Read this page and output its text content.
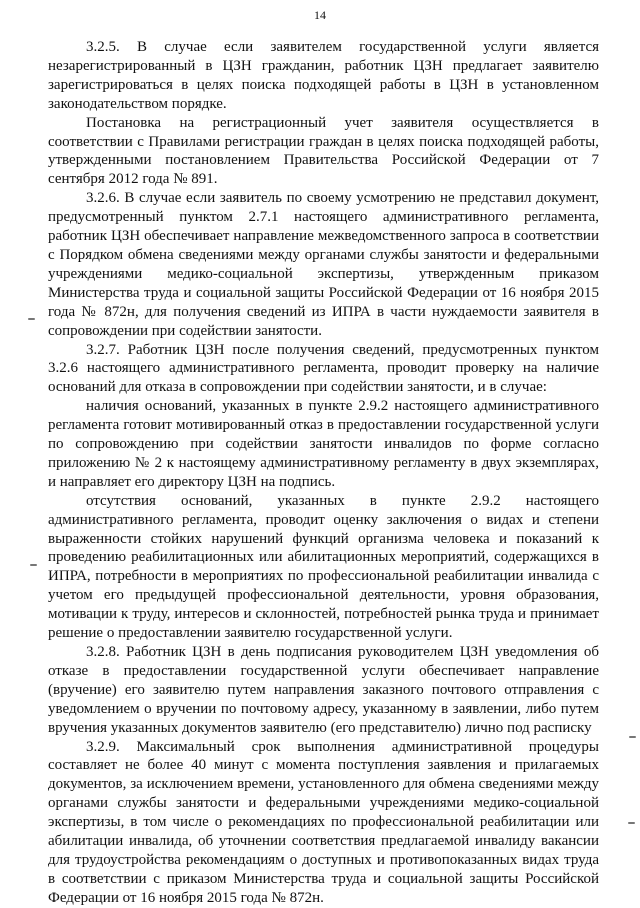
14

3.2.5. В случае если заявителем государственной услуги является незарегистрированный в ЦЗН гражданин, работник ЦЗН предлагает заявителю зарегистрироваться в целях поиска подходящей работы в ЦЗН в установленном законодательством порядке.

Постановка на регистрационный учет заявителя осуществляется в соответствии с Правилами регистрации граждан в целях поиска подходящей работы, утвержденными постановлением Правительства Российской Федерации от 7 сентября 2012 года № 891.

3.2.6. В случае если заявитель по своему усмотрению не представил документ, предусмотренный пунктом 2.7.1 настоящего административного регламента, работник ЦЗН обеспечивает направление межведомственного запроса в соответствии с Порядком обмена сведениями между органами службы занятости и федеральными учреждениями медико-социальной экспертизы, утвержденным приказом Министерства труда и социальной защиты Российской Федерации от 16 ноября 2015 года № 872н, для получения сведений из ИПРА в части нуждаемости заявителя в сопровождении при содействии занятости.

3.2.7. Работник ЦЗН после получения сведений, предусмотренных пунктом 3.2.6 настоящего административного регламента, проводит проверку на наличие оснований для отказа в сопровождении при содействии занятости, и в случае:

наличия оснований, указанных в пункте 2.9.2 настоящего административного регламента готовит мотивированный отказ в предоставлении государственной услуги по сопровождению при содействии занятости инвалидов по форме согласно приложению № 2 к настоящему административному регламенту в двух экземплярах, и направляет его директору ЦЗН на подпись.

отсутствия оснований, указанных в пункте 2.9.2 настоящего административного регламента, проводит оценку заключения о видах и степени выраженности стойких нарушений функций организма человека и показаний к проведению реабилитационных или абилитационных мероприятий, содержащихся в ИПРА, потребности в мероприятиях по профессиональной реабилитации инвалида с учетом его предыдущей профессиональной деятельности, уровня образования, мотивации к труду, интересов и склонностей, потребностей рынка труда и принимает решение о предоставлении заявителю государственной услуги.

3.2.8. Работник ЦЗН в день подписания руководителем ЦЗН уведомления об отказе в предоставлении государственной услуги обеспечивает направление (вручение) его заявителю путем направления заказного почтового отправления с уведомлением о вручении по почтовому адресу, указанному в заявлении, либо путем вручения указанных документов заявителю (его представителю) лично под расписку

3.2.9. Максимальный срок выполнения административной процедуры составляет не более 40 минут с момента поступления заявления и прилагаемых документов, за исключением времени, установленного для обмена сведениями между органами службы занятости и федеральными учреждениями медико-социальной экспертизы, в том числе о рекомендациях по профессиональной реабилитации или абилитации инвалида, об уточнении соответствия предлагаемой инвалиду вакансии для трудоустройства рекомендациям о доступных и противопоказанных видах труда в соответствии с приказом Министерства труда и социальной защиты Российской Федерации от 16 ноября 2015 года № 872н.
